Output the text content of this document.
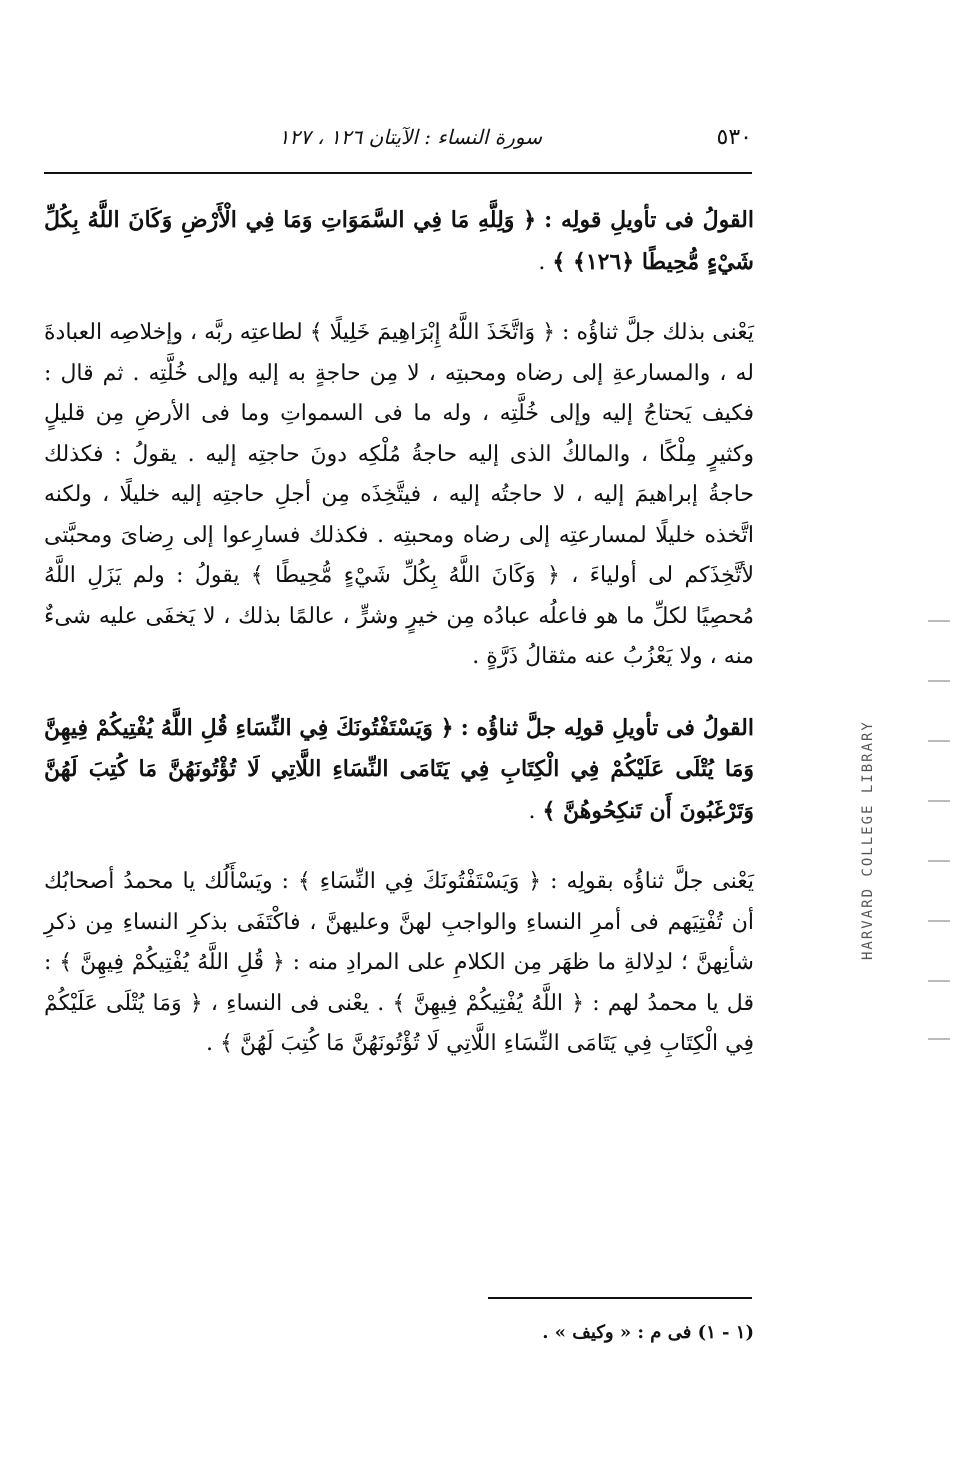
٥٣٠
سورة النساء : الآيتان ١٢٦ ، ١٢٧

القولُ فى تأويلِ قولِه : ﴿ وَلِلَّهِ مَا فِي السَّمَوَاتِ وَمَا فِي الْأَرْضِ وَكَانَ اللَّهُ بِكُلِّ شَيْءٍ مُّحِيطًا ﴿١٢٦﴾ ﴾ .

يَعْنى بذلك جلَّ ثناؤُه : ﴿ وَاتَّخَذَ اللَّهُ إِبْرَاهِيمَ خَلِيلًا ﴾ لطاعتِه ربَّه ، وإخلاصِه العبادةَ له ، والمسارعةِ إلى رضاه ومحبتِه ، لا مِن حاجةٍ به إليه وإلى خُلَّتِه . ثم قال : فكيف يَحتاجُ إليه وإلى خُلَّتِه ، وله ما فى السمواتِ وما فى الأرضِ مِن قليلٍ وكثيرٍ مِلْكًا ، والمالكُ الذى إليه حاجةُ مُلْكِه دونَ حاجتِه إليه . يقولُ : فكذلك حاجةُ إبراهيمَ إليه ، لا حاجتُه إليه ، فيتَّخِذَه مِن أجلِ حاجتِه إليه خليلًا ، ولكنه اتَّخذه خليلًا لمسارعتِه إلى رضاه ومحبتِه . فكذلك فسارِعوا إلى رِضاىَ ومحبَّتى لأتَّخِذَكم لى أولياءَ ، ﴿ وَكَانَ اللَّهُ بِكُلِّ شَيْءٍ مُّحِيطًا ﴾ يقولُ : ولم يَزَلِ اللَّهُ مُحصِيًا لكلِّ ما هو فاعلُه عبادُه مِن خيرٍ وشرٍّ ، عالمًا بذلك ، لا يَخفَى عليه شىءٌ منه ، ولا يَعْزُبُ عنه مثقالُ ذَرَّةٍ .

القولُ فى تأويلِ قولِه جلَّ ثناؤُه : ﴿ وَيَسْتَفْتُونَكَ فِي النِّسَاءِ قُلِ اللَّهُ يُفْتِيكُمْ فِيهِنَّ وَمَا يُتْلَى عَلَيْكُمْ فِي الْكِتَابِ فِي يَتَامَى النِّسَاءِ اللَّاتِي لَا تُؤْتُونَهُنَّ مَا كُتِبَ لَهُنَّ وَتَرْغَبُونَ أَن تَنكِحُوهُنَّ ﴾ .

يَعْنى جلَّ ثناؤُه بقولِه : ﴿ وَيَسْتَفْتُونَكَ فِي النِّسَاءِ ﴾ : ويَسْأَلُك يا محمدُ أصحابُك أن تُفْتِيَهم فى أمرِ النساءِ والواجبِ لهنَّ وعليهنَّ ، فاكْتَفَى بذكرِ النساءِ مِن ذكرِ شأنِهنَّ ؛ لدِلالةِ ما ظهَر مِن الكلامِ على المرادِ منه : ﴿ قُلِ اللَّهُ يُفْتِيكُمْ فِيهِنَّ ﴾ : قل يا محمدُ لهم : ﴿ اللَّهُ يُفْتِيكُمْ فِيهِنَّ ﴾ . يعْنى فى النساءِ ، ﴿ وَمَا يُتْلَى عَلَيْكُمْ فِي الْكِتَابِ فِي يَتَامَى النِّسَاءِ اللَّاتِي لَا تُؤْتُونَهُنَّ مَا كُتِبَ لَهُنَّ ﴾ .

(١ - ١) فى م : « وكيف » .
HARVARD COLLEGE LIBRARY
